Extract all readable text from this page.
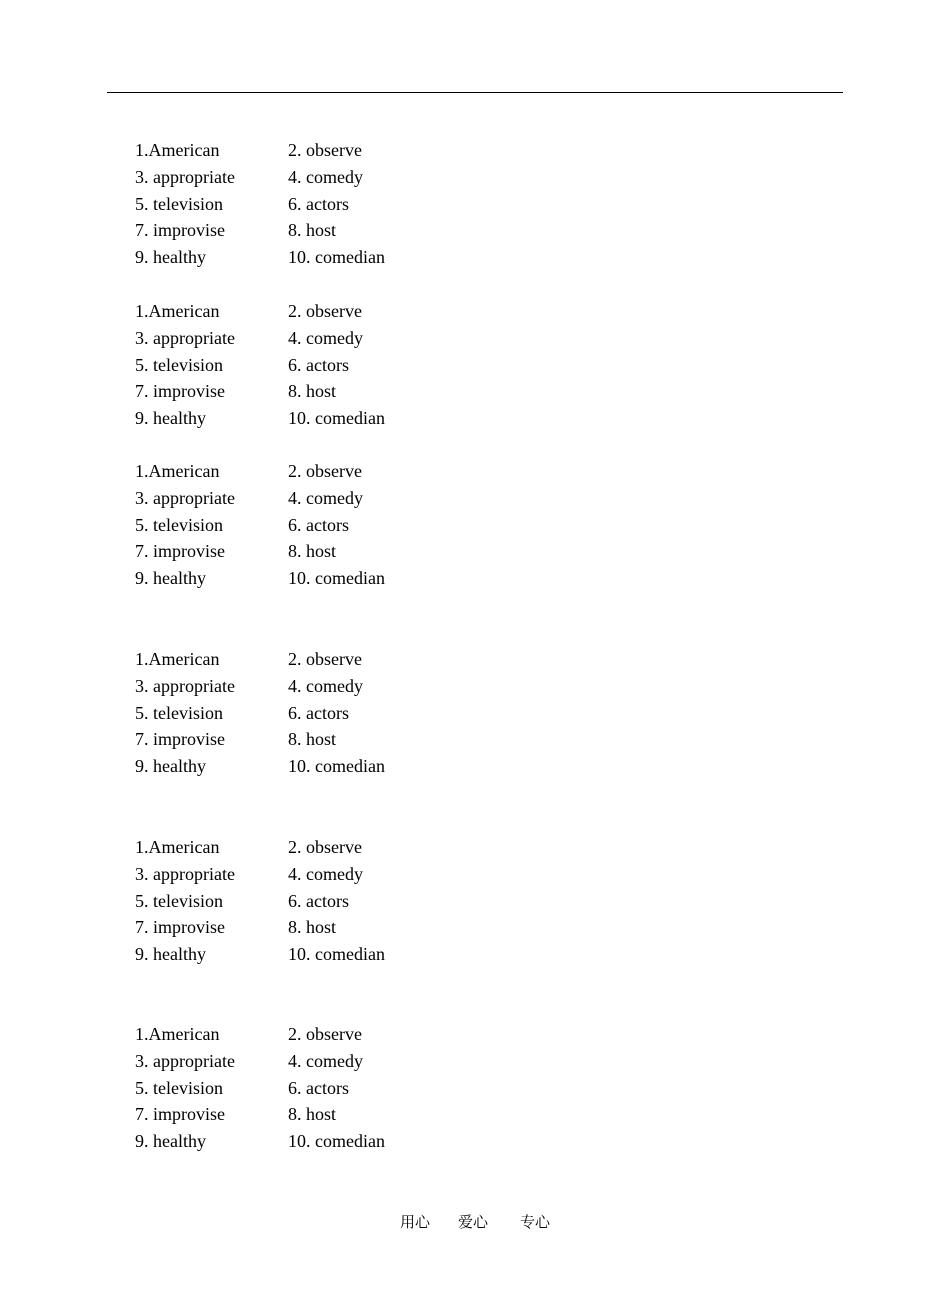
1.American	2. observe
3. appropriate	4. comedy
5. television	6. actors
7. improvise	8. host
9. healthy	10. comedian
1.American	2. observe
3. appropriate	4. comedy
5. television	6. actors
7. improvise	8. host
9. healthy	10. comedian
1.American	2. observe
3. appropriate	4. comedy
5. television	6. actors
7. improvise	8. host
9. healthy	10. comedian
1.American	2. observe
3. appropriate	4. comedy
5. television	6. actors
7. improvise	8. host
9. healthy	10. comedian
1.American	2. observe
3. appropriate	4. comedy
5. television	6. actors
7. improvise	8. host
9. healthy	10. comedian
1.American	2. observe
3. appropriate	4. comedy
5. television	6. actors
7. improvise	8. host
9. healthy	10. comedian
用心 爱心 专心
